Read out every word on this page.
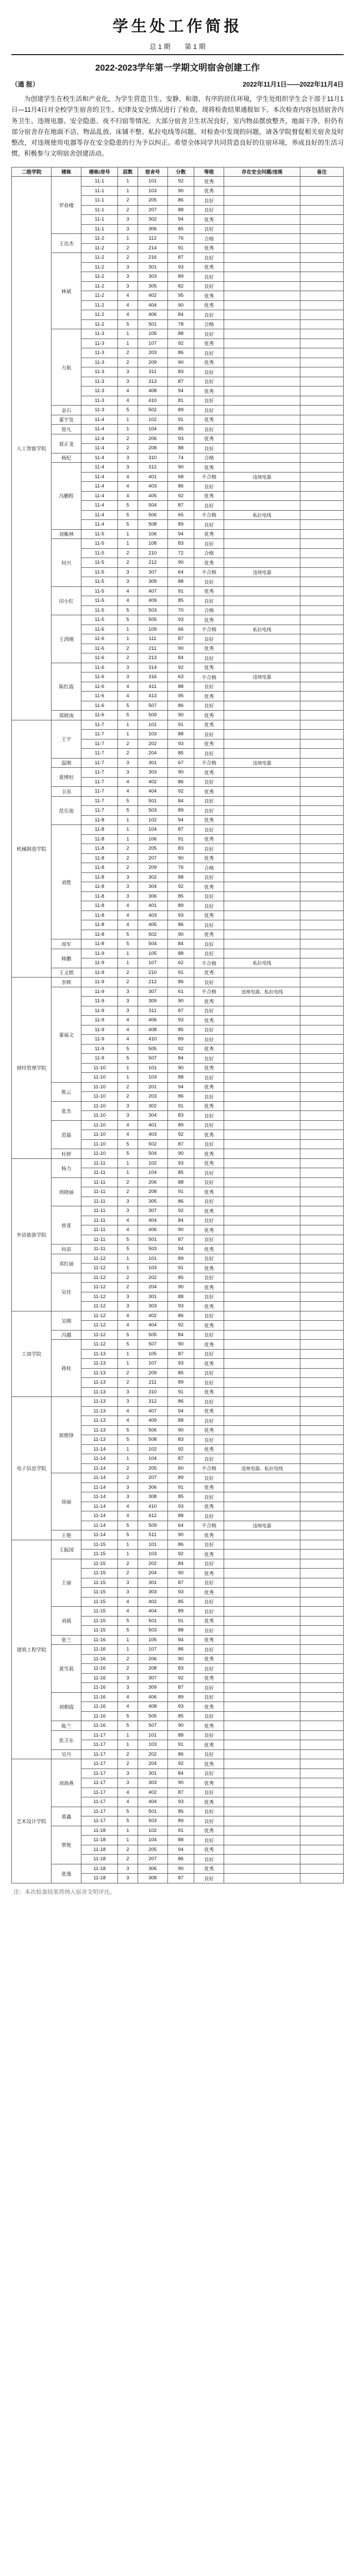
学生处工作简报
总 1 期 第 1 期
2022-2023学年第一学期文明宿舍创建工作
（通 报）	2022年11月1日——2022年11月4日

为创建学生在校生活和产业化，为学生营造卫生、安静、和谐、有序的居住环境，学生处组织学生会干部于11月1日—11月4日对全校学生宿舍的卫生、纪律及安全情况进行了检查，现将检查结果通报如下。本次检查内容包括宿舍内务卫生、违规电器、安全隐患、夜不归宿等情况。大部分宿舍卫生状况良好，室内物品摆放整齐，地面干净，但仍有部分宿舍存在地面不洁、物品乱放、床铺不整、私拉电线等问题。对检查中发现的问题，请各学院督促相关宿舍及时整改，对违规使用电器等存在安全隐患的行为予以纠正。希望全体同学共同营造良好的住宿环境，养成良好的生活习惯，积极参与文明宿舍创建活动。

二级学院	楼栋	楼栋/房号	层数	宿舍号	分数	等级	存在安全问题/违规	备注
人工智能学院	罗春楼	11-1	1	101	92	优秀		
		11-1	1	103	90	优秀		
		11-1	2	205	86	良好		
		11-1	2	207	88	良好		
		11-1	3	302	94	优秀		
		11-1	3	306	85	良好		
	王达杰	11-2	1	112	76	合格		
		11-2	2	214	91	优秀		
	林斌	11-2	2	216	87	良好		
		11-2	3	301	93	优秀		
		11-2	3	303	89	良好		
		11-2	3	305	82	良好		
		11-2	4	402	95	优秀		
		11-2	4	404	90	优秀		
		11-2	4	406	84	良好		
		11-2	5	501	78	合格		
	方航	11-3	1	105	88	良好		
		11-3	1	107	92	优秀		
		11-3	2	203	86	良好		
		11-3	2	209	90	优秀		
		11-3	3	311	83	良好		
		11-3	3	313	87	良好		
		11-3	4	408	94	优秀		
		11-3	4	410	81	良好		
	金石	11-3	5	502	89	良好		
	董宇发	11-4	1	102	91	优秀		
	曾凡	11-4	1	104	85	良好		
	聂正龙	11-4	2	206	93	优秀		
		11-4	2	208	88	良好		
	杨纪	11-4	3	310	74	合格		
	冯鹏程	11-4	3	312	90	优秀		
		11-4	4	401	68	不合格	违规电器	
		11-4	4	403	86	良好		
		11-4	4	405	92	优秀		
		11-4	5	504	87	良好		
		11-4	5	506	65	不合格	私拉电线	
		11-4	5	508	89	良好		
	刘雁林	11-5	1	106	94	优秀		
	何兴	11-5	1	108	83	良好		
		11-5	2	210	72	合格		
		11-5	2	212	90	优秀		
		11-5	3	307	64	不合格	违规电器	
		11-5	3	309	88	良好		
	田小红	11-5	4	407	91	优秀		
		11-5	4	409	85	良好		
		11-5	5	503	70	合格		
	王鸿刚	11-5	5	505	93	优秀		
		11-6	1	109	66	不合格	私拉电线	
		11-6	1	111	87	良好		
		11-6	2	211	90	优秀		
		11-6	2	213	84	良好		
	陈红霞	11-6	3	314	92	优秀		
		11-6	3	316	63	不合格	违规电器	
		11-6	4	411	88	良好		
		11-6	4	413	95	优秀		
		11-6	5	507	86	良好		
	郑晓南	11-6	5	509	90	优秀		
机械制造学院	王宇	11-7	1	101	91	优秀		
		11-7	1	103	88	良好		
		11-7	2	202	93	优秀		
		11-7	2	204	85	良好		
	温刚	11-7	3	301	67	不合格	违规电器	
	黄博恒	11-7	3	303	90	优秀		
		11-7	4	402	86	良好		
	卫苏	11-7	4	404	92	优秀		
	范乐池	11-7	5	501	84	良好		
		11-7	5	503	89	良好		
		11-8	1	102	94	优秀		
	刘胜	11-8	1	104	87	良好		
		11-8	1	106	91	优秀		
		11-8	2	205	83	良好		
		11-8	2	207	90	优秀		
		11-8	2	209	76	合格		
		11-8	3	302	88	良好		
		11-8	3	304	92	优秀		
		11-8	3	306	85	良好		
		11-8	4	401	89	良好		
		11-8	4	403	93	优秀		
		11-8	4	405	86	良好		
		11-8	5	502	90	优秀		
	周军	11-8	5	504	84	良好		
	韩鹏	11-9	1	105	88	良好		
		11-9	1	107	62	不合格	私拉电线	
	王义熙	11-9	2	210	91	优秀		
财经管理学院	李辉	11-9	2	212	86	良好		
	董福文	11-9	3	307	61	不合格	违规电器、私拉电线	
		11-9	3	309	90	优秀		
		11-9	3	311	87	良好		
		11-9	4	406	93	优秀		
		11-9	4	408	85	良好		
		11-9	4	410	89	良好		
		11-9	5	505	92	优秀		
		11-9	5	507	84	良好		
		11-10	1	101	90	优秀		
		11-10	1	103	88	良好		
	熊云	11-10	2	201	94	优秀		
		11-10	2	203	86	良好		
	张杰	11-10	3	302	91	优秀		
		11-10	3	304	83	良好		
	范磊	11-10	4	401	89	良好		
		11-10	4	403	92	优秀		
		11-10	5	502	87	良好		
	杜婷	11-10	5	504	90	优秀		
外语旅游学院	杨力	11-11	1	102	93	优秀		
		11-11	1	104	85	良好		
	周晓丽	11-11	2	206	88	良好		
		11-11	2	208	91	优秀		
		11-11	3	305	86	良好		
	曾菁	11-11	3	307	92	优秀		
		11-11	4	404	84	良好		
		11-11	4	406	90	优秀		
		11-11	5	501	87	良好		
	何苗	11-11	5	503	94	优秀		
	邓红丽	11-12	1	101	89	良好		
		11-12	1	103	91	优秀		
	吴佳	11-12	2	202	85	良好		
		11-12	2	204	90	优秀		
		11-12	3	301	88	良好		
		11-12	3	303	93	优秀		
工商学院	吴刚	11-12	4	402	86	良好		
		11-12	4	404	92	优秀		
	冯越	11-12	5	505	84	良好		
	蒋桂	11-12	5	507	90	优秀		
		11-13	1	105	87	良好		
		11-13	1	107	93	优秀		
		11-13	2	209	85	良好		
		11-13	2	211	89	良好		
		11-13	3	310	91	优秀		
电子信息学院	郭俊锋	11-13	3	312	86	良好		
		11-13	4	407	94	优秀		
		11-13	4	409	88	良好		
		11-13	5	506	90	优秀		
		11-13	5	508	83	良好		
		11-14	1	102	92	优秀		
		11-14	1	104	87	良好		
		11-14	2	205	60	不合格	违规电器、私拉电线	
	徐丽	11-14	2	207	89	良好		
		11-14	3	306	91	优秀		
		11-14	3	308	85	良好		
		11-14	4	410	93	优秀		
		11-14	4	412	88	良好		
		11-14	5	509	64	不合格	违规电器	
	王艳	11-14	5	511	90	优秀		
建筑工程学院	王振国	11-15	1	101	86	良好		
		11-15	1	103	92	优秀		
	王丽	11-15	2	202	84	良好		
		11-15	2	204	90	优秀		
		11-15	3	301	87	良好		
		11-15	3	303	93	优秀		
		11-15	4	402	85	良好		
	刘倩	11-15	4	404	89	良好		
		11-15	5	501	91	优秀		
		11-15	5	503	88	良好		
	张兰	11-16	1	105	94	优秀		
	黄雪莉	11-16	1	107	86	良好		
		11-16	2	206	90	优秀		
		11-16	2	208	83	良好		
		11-16	3	307	92	优秀		
		11-16	3	309	87	良好		
	刘朝霞	11-16	4	406	89	良好		
		11-16	4	408	93	优秀		
		11-16	5	505	85	良好		
	陈兰	11-16	5	507	90	优秀		
	张卫东	11-17	1	101	88	良好		
		11-17	1	103	91	优秀		
	吴丹	11-17	2	202	86	良好		
艺术设计学院	刘海燕	11-17	2	204	92	优秀		
		11-17	3	301	84	良好		
		11-17	3	303	90	优秀		
		11-17	4	402	87	良好		
		11-17	4	404	93	优秀		
	黄鑫	11-17	5	501	85	良好		
		11-17	5	503	89	良好		
	覃艳	11-18	1	102	91	优秀		
		11-18	1	104	88	良好		
		11-18	2	205	94	优秀		
		11-18	2	207	86	良好		
	张逸	11-18	3	306	90	优秀		
		11-18	3	308	87	良好		
注：本次检查结果将纳入宿舍文明评比。
